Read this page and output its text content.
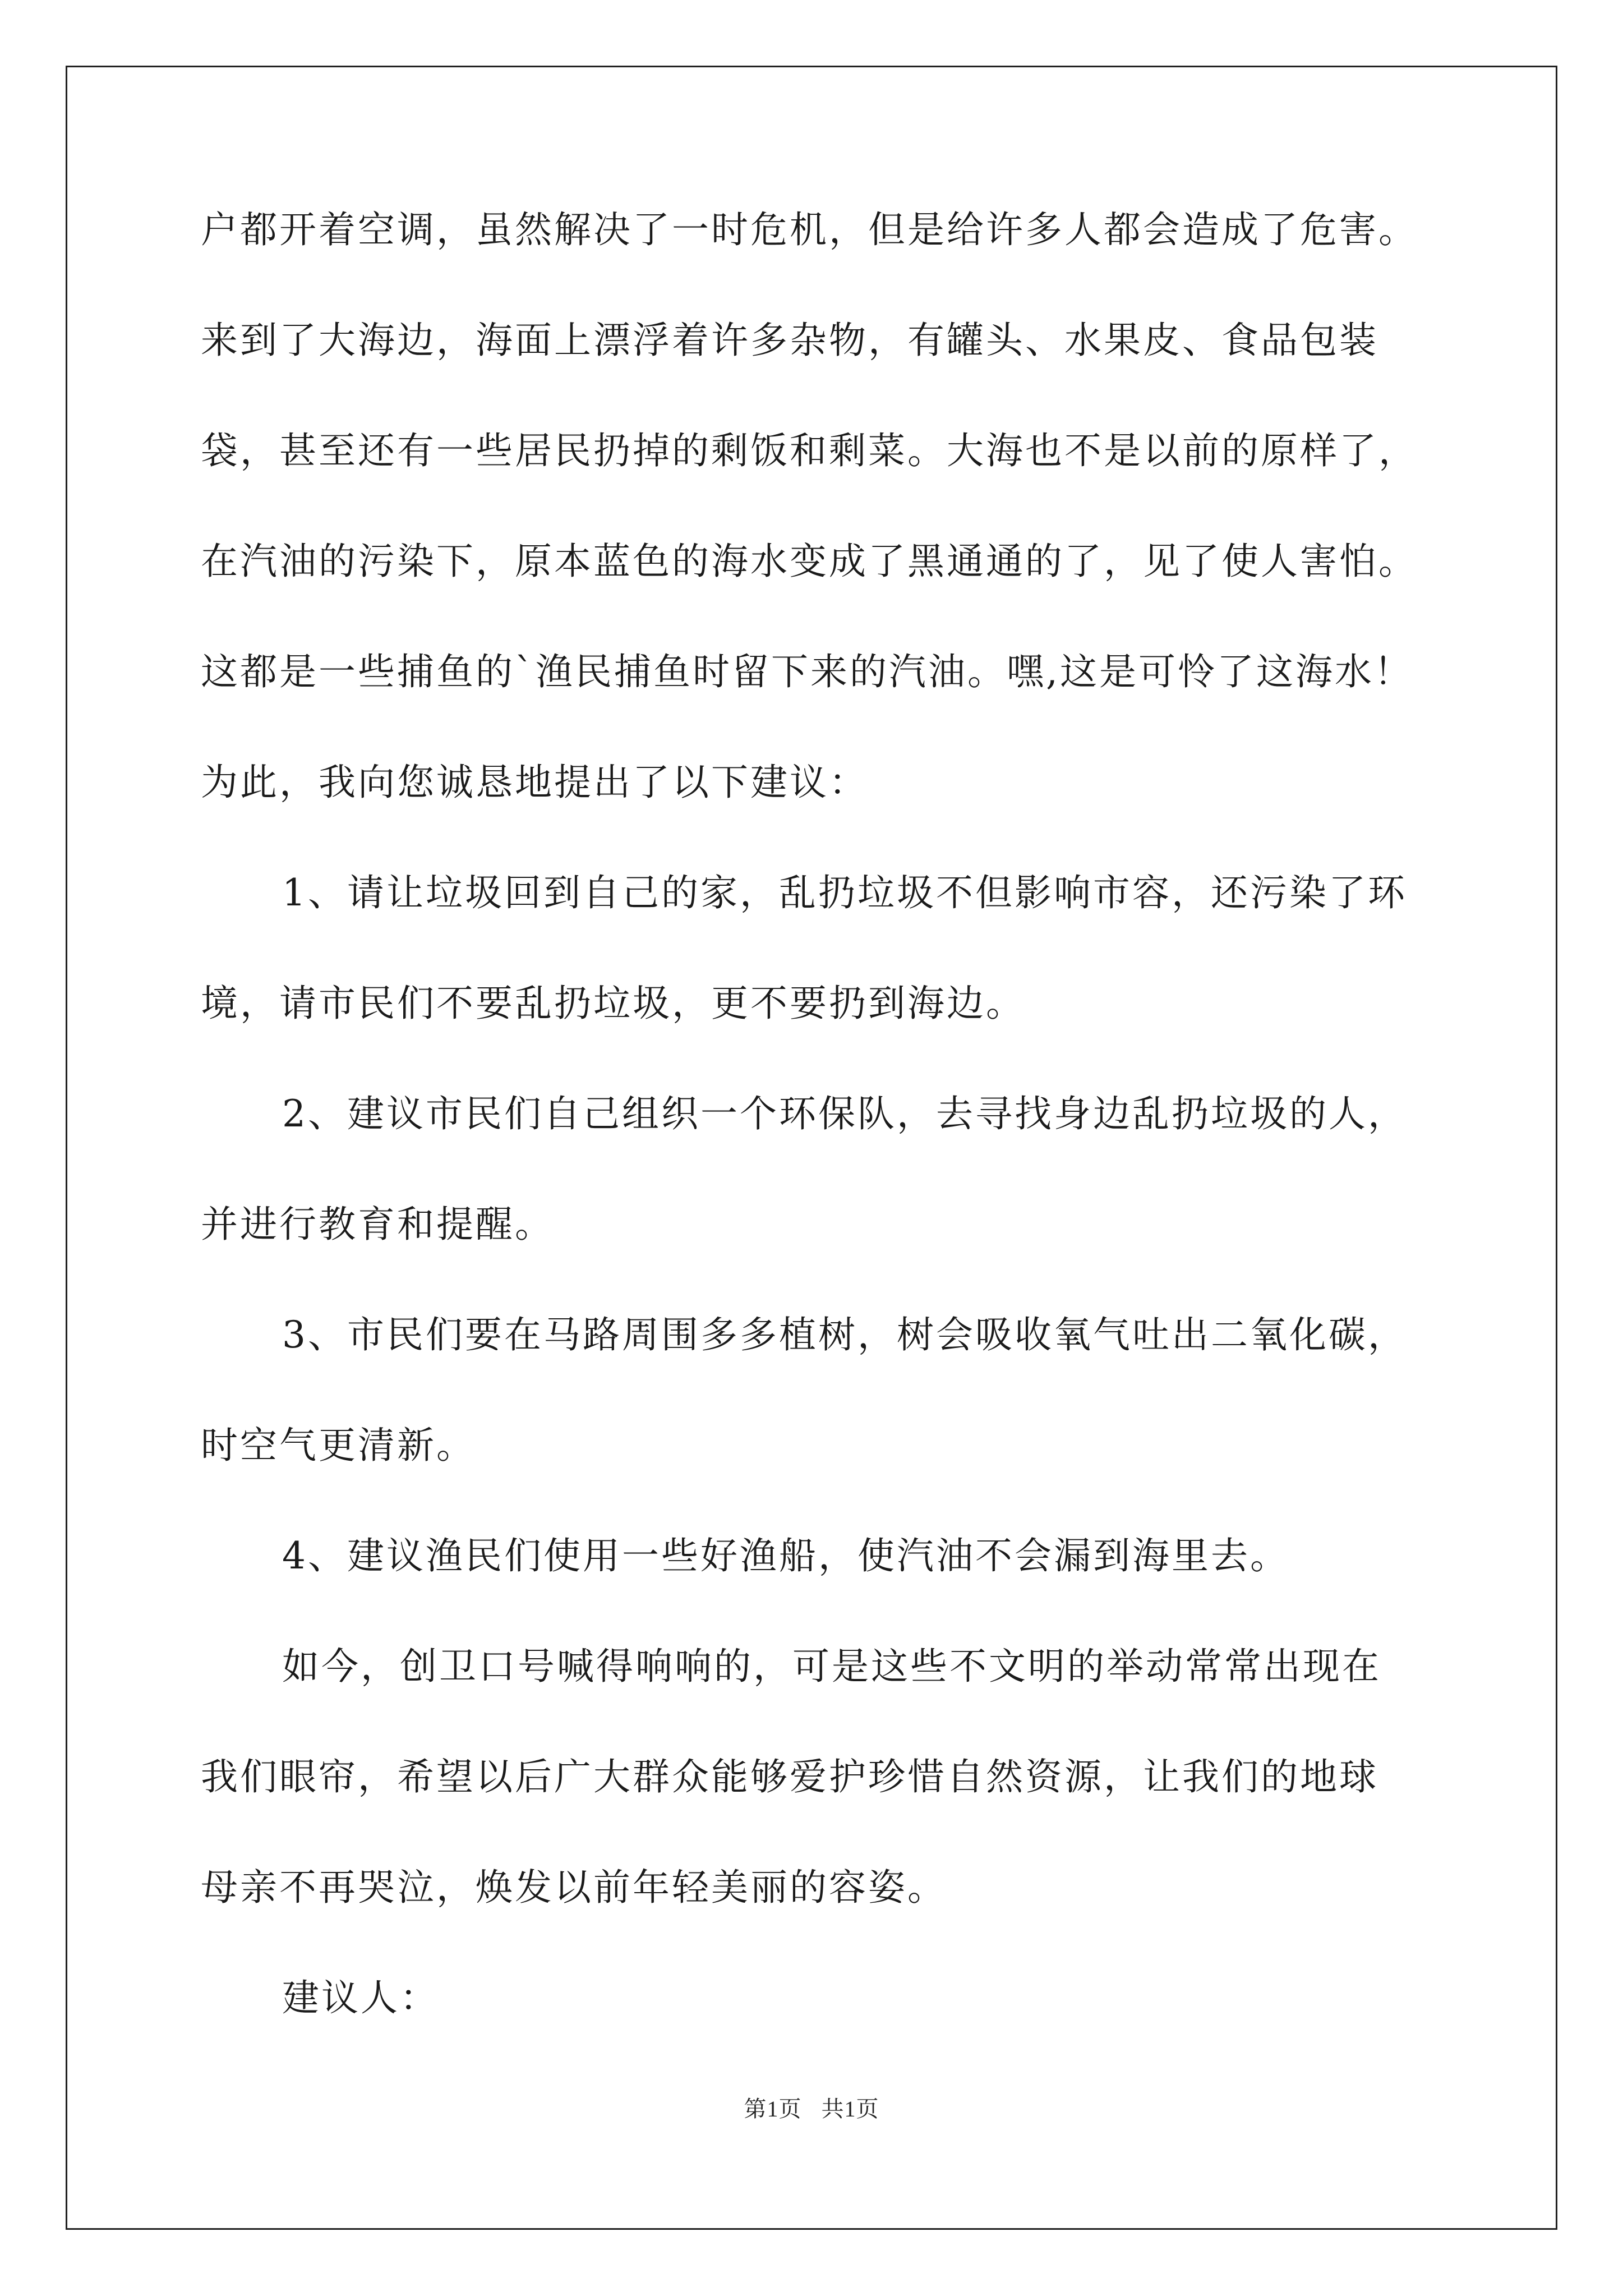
户都开着空调，虽然解决了一时危机，但是给许多人都会造成了危害。
来到了大海边，海面上漂浮着许多杂物，有罐头、水果皮、食品包装
袋，甚至还有一些居民扔掉的剩饭和剩菜。大海也不是以前的原样了，
在汽油的污染下，原本蓝色的海水变成了黑通通的了，见了使人害怕。
这都是一些捕鱼的`渔民捕鱼时留下来的汽油。嘿,这是可怜了这海水！
为此，我向您诚恳地提出了以下建议：
1、请让垃圾回到自己的家，乱扔垃圾不但影响市容，还污染了环
境，请市民们不要乱扔垃圾，更不要扔到海边。
2、建议市民们自己组织一个环保队，去寻找身边乱扔垃圾的人，
并进行教育和提醒。
3、市民们要在马路周围多多植树，树会吸收氧气吐出二氧化碳，
时空气更清新。
4、建议渔民们使用一些好渔船，使汽油不会漏到海里去。
如今，创卫口号喊得响响的，可是这些不文明的举动常常出现在
我们眼帘，希望以后广大群众能够爱护珍惜自然资源，让我们的地球
母亲不再哭泣，焕发以前年轻美丽的容姿。
建议人：
第1页 共1页
